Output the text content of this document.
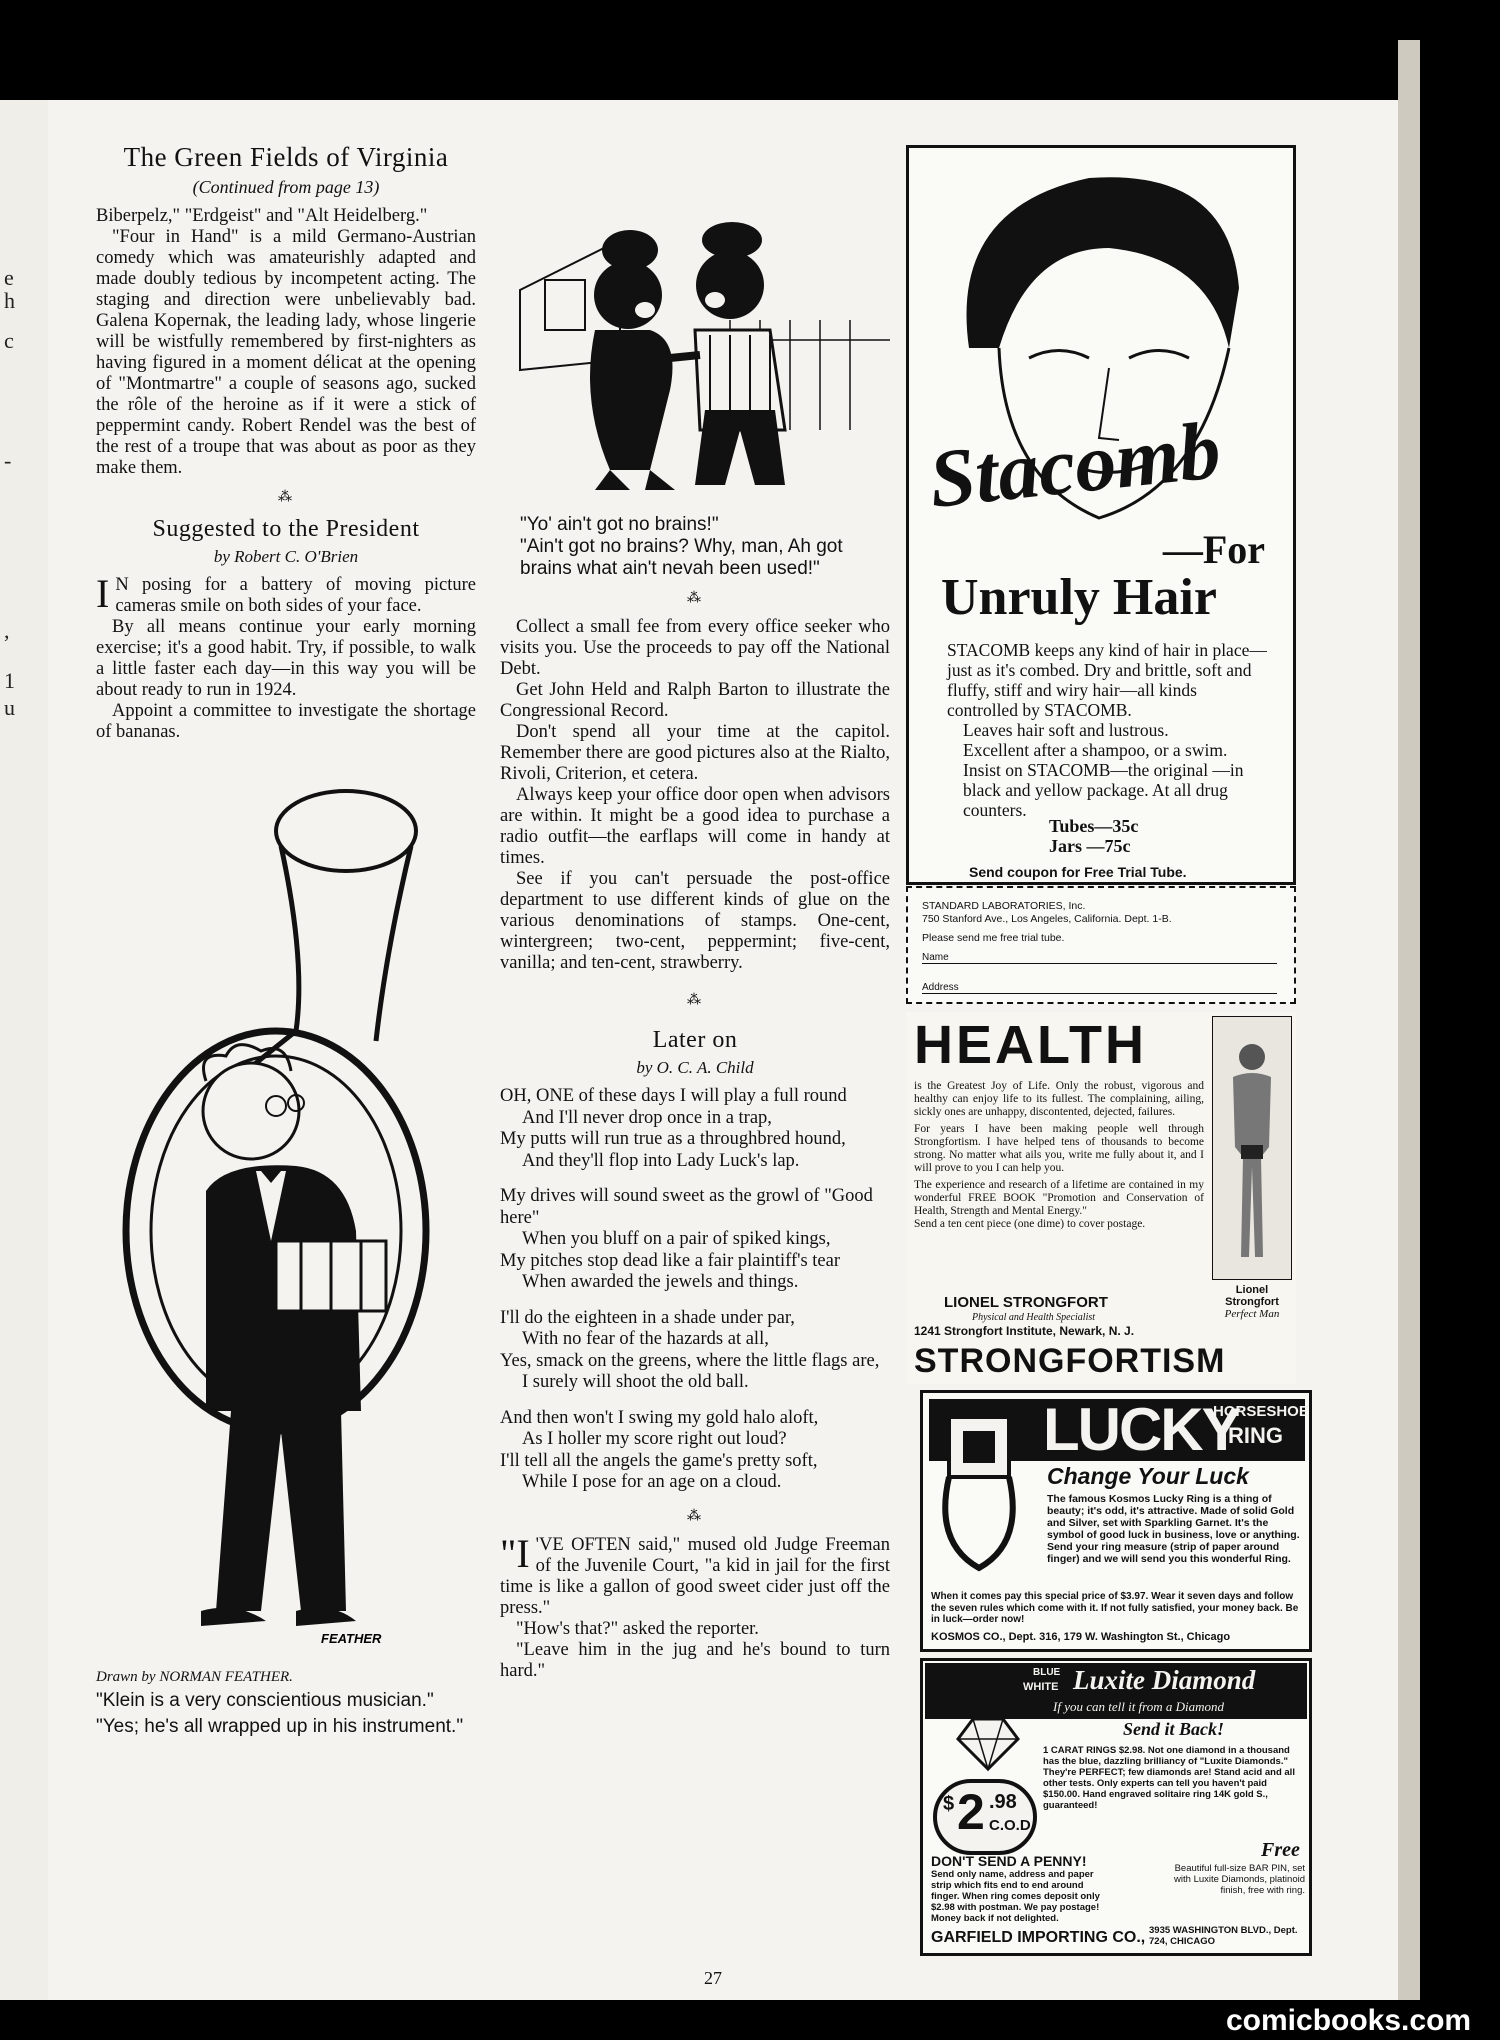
e
h
c
-
,
1
u
The Green Fields of Virginia
(Continued from page 13)

Biberpelz," "Erdgeist" and "Alt Heidelberg."

"Four in Hand" is a mild Germano-Austrian comedy which was amateurishly adapted and made doubly tedious by incompetent acting. The staging and direction were unbelievably bad. Galena Kopernak, the leading lady, whose lingerie will be wistfully remembered by first-nighters as having figured in a moment délicat at the opening of "Montmartre" a couple of seasons ago, sucked the rôle of the heroine as if it were a stick of peppermint candy. Robert Rendel was the best of the rest of a troupe that was about as poor as they make them.

⁂
Suggested to the President
by Robert C. O'Brien

I N posing for a battery of moving picture cameras smile on both sides of your face.

By all means continue your early morning exercise; it's a good habit. Try, if possible, to walk a little faster each day—in this way you will be about ready to run in 1924.

Appoint a committee to investigate the shortage of bananas.

FEATHER
Drawn by NORMAN FEATHER.
"Klein is a very conscientious musician."
"Yes; he's all wrapped up in his instrument."
"Yo' ain't got no brains!"
"Ain't got no brains? Why, man, Ah got brains what ain't nevah been used!"
⁂

Collect a small fee from every office seeker who visits you. Use the proceeds to pay off the National Debt.

Get John Held and Ralph Barton to illustrate the Congressional Record.

Don't spend all your time at the capitol. Remember there are good pictures also at the Rialto, Rivoli, Criterion, et cetera.

Always keep your office door open when advisors are within. It might be a good idea to purchase a radio outfit—the earflaps will come in handy at times.

See if you can't persuade the post-office department to use different kinds of glue on the various denominations of stamps. One-cent, wintergreen; two-cent, peppermint; five-cent, vanilla; and ten-cent, strawberry.

⁂
Later on
by O. C. A. Child
OH, ONE of these days I will play a full round
And I'll never drop once in a trap,
My putts will run true as a throughbred hound,
And they'll flop into Lady Luck's lap.
My drives will sound sweet as the growl of "Good here"
When you bluff on a pair of spiked kings,
My pitches stop dead like a fair plaintiff's tear
When awarded the jewels and things.
I'll do the eighteen in a shade under par,
With no fear of the hazards at all,
Yes, smack on the greens, where the little flags are,
I surely will shoot the old ball.
And then won't I swing my gold halo aloft,
As I holler my score right out loud?
I'll tell all the angels the game's pretty soft,
While I pose for an age on a cloud.
⁂

"I 'VE OFTEN said," mused old Judge Freeman of the Juvenile Court, "a kid in jail for the first time is like a gallon of good sweet cider just off the press."

"How's that?" asked the reporter.

"Leave him in the jug and he's bound to turn hard."

Stacomb
—For
Unruly Hair
STACOMB keeps any kind of hair in place—just as it's combed. Dry and brittle, soft and fluffy, stiff and wiry hair—all kinds controlled by STACOMB.
Leaves hair soft and lustrous.
Excellent after a shampoo, or a swim.
Insist on STACOMB—the original —in black and yellow package. At all drug counters.
Tubes—35c
Jars —75c
Send coupon for Free Trial Tube.
STANDARD LABORATORIES, Inc.
750 Stanford Ave., Los Angeles, California. Dept. 1-B.
Please send me free trial tube.
Name
Address
HEALTH
is the Greatest Joy of Life. Only the robust, vigorous and healthy can enjoy life to its fullest. The complaining, ailing, sickly ones are unhappy, discontented, dejected, failures.
For years I have been making people well through Strongfortism. I have helped tens of thousands to become strong. No matter what ails you, write me fully about it, and I will prove to you I can help you.
The experience and research of a lifetime are contained in my wonderful FREE BOOK "Promotion and Conservation of Health, Strength and Mental Energy."
Send a ten cent piece (one dime) to cover postage.
Lionel
Strongfort
Perfect Man
LIONEL STRONGFORT
Physical and Health Specialist
1241 Strongfort Institute, Newark, N. J.
STRONGFORTISM
LUCKY
HORSESHOE
RING
Change Your Luck
The famous Kosmos Lucky Ring is a thing of beauty; it's odd, it's attractive. Made of solid Gold and Silver, set with Sparkling Garnet. It's the symbol of good luck in business, love or anything. Send your ring measure (strip of paper around finger) and we will send you this wonderful Ring.
When it comes pay this special price of $3.97. Wear it seven days and follow the seven rules which come with it. If not fully satisfied, your money back. Be in luck—order now!
KOSMOS CO., Dept. 316, 179 W. Washington St., Chicago
BLUE
WHITE Luxite Diamond
If you can tell it from a Diamond
Send it Back!
$ 2 .98
C.O.D.
1 CARAT RINGS $2.98. Not one diamond in a thousand has the blue, dazzling brilliancy of "Luxite Diamonds." They're PERFECT; few diamonds are! Stand acid and all other tests. Only experts can tell you haven't paid $150.00. Hand engraved solitaire ring 14K gold S., guaranteed!
DON'T SEND A PENNY!
Send only name, address and paper strip which fits end to end around finger. When ring comes deposit only $2.98 with postman. We pay postage! Money back if not delighted.
Free
Beautiful full-size BAR PIN, set with Luxite Diamonds, platinoid finish, free with ring.
GARFIELD IMPORTING CO., 3935 WASHINGTON BLVD., Dept. 724, CHICAGO
27
comicbooks.com
